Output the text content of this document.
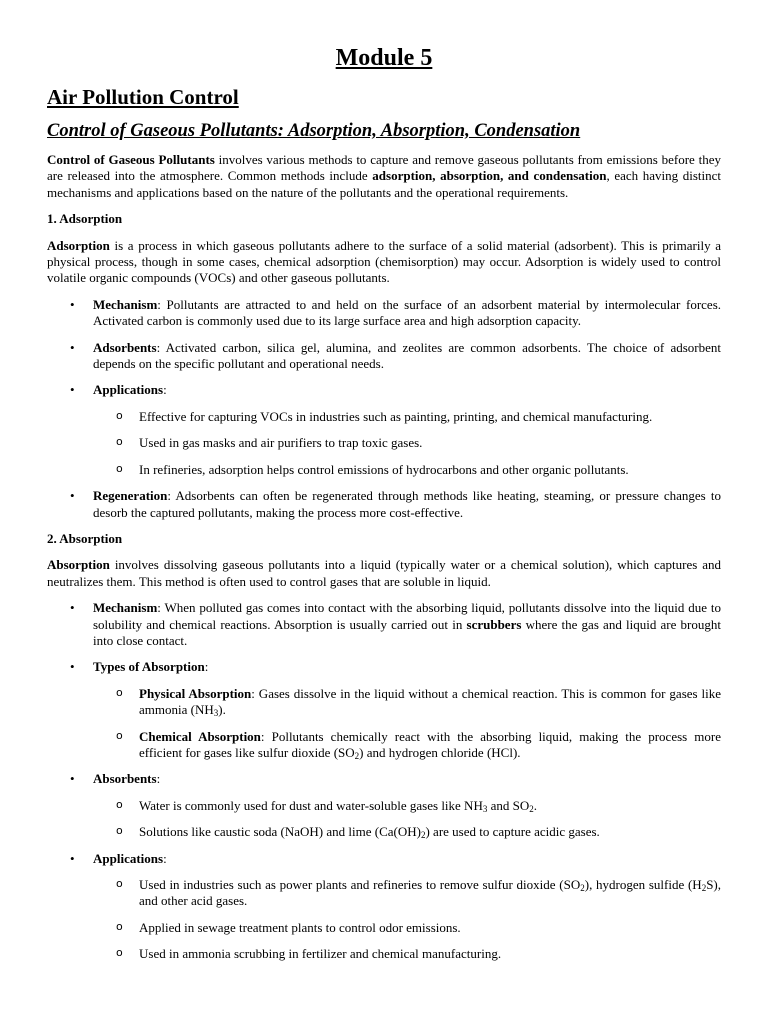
Module 5
Air Pollution Control
Control of Gaseous Pollutants: Adsorption, Absorption, Condensation

Control of Gaseous Pollutants involves various methods to capture and remove gaseous pollutants from emissions before they are released into the atmosphere. Common methods include adsorption, absorption, and condensation, each having distinct mechanisms and applications based on the nature of the pollutants and the operational requirements.

1. Adsorption

Adsorption is a process in which gaseous pollutants adhere to the surface of a solid material (adsorbent). This is primarily a physical process, though in some cases, chemical adsorption (chemisorption) may occur. Adsorption is widely used to control volatile organic compounds (VOCs) and other gaseous pollutants.

• Mechanism: Pollutants are attracted to and held on the surface of an adsorbent material by intermolecular forces. Activated carbon is commonly used due to its large surface area and high adsorption capacity.
• Adsorbents: Activated carbon, silica gel, alumina, and zeolites are common adsorbents. The choice of adsorbent depends on the specific pollutant and operational needs.
• Applications:
o Effective for capturing VOCs in industries such as painting, printing, and chemical manufacturing.
o Used in gas masks and air purifiers to trap toxic gases.
o In refineries, adsorption helps control emissions of hydrocarbons and other organic pollutants.
• Regeneration: Adsorbents can often be regenerated through methods like heating, steaming, or pressure changes to desorb the captured pollutants, making the process more cost-effective.
2. Absorption

Absorption involves dissolving gaseous pollutants into a liquid (typically water or a chemical solution), which captures and neutralizes them. This method is often used to control gases that are soluble in liquid.

• Mechanism: When polluted gas comes into contact with the absorbing liquid, pollutants dissolve into the liquid due to solubility and chemical reactions. Absorption is usually carried out in scrubbers where the gas and liquid are brought into close contact.
• Types of Absorption:
o Physical Absorption: Gases dissolve in the liquid without a chemical reaction. This is common for gases like ammonia $(NH_3)$.
o Chemical Absorption: Pollutants chemically react with the absorbing liquid, making the process more efficient for gases like sulfur dioxide $(SO_2)$ and hydrogen chloride (HCl).
• Absorbents:
o Water is commonly used for dust and water-soluble gases like $NH_3$ and $SO_2$.
o Solutions like caustic soda (NaOH) and lime $(Ca(OH)_2)$ are used to capture acidic gases.
• Applications:
o Used in industries such as power plants and refineries to remove sulfur dioxide $(SO_2)$, hydrogen sulfide $(H_2S)$, and other acid gases.
o Applied in sewage treatment plants to control odor emissions.
o Used in ammonia scrubbing in fertilizer and chemical manufacturing.
